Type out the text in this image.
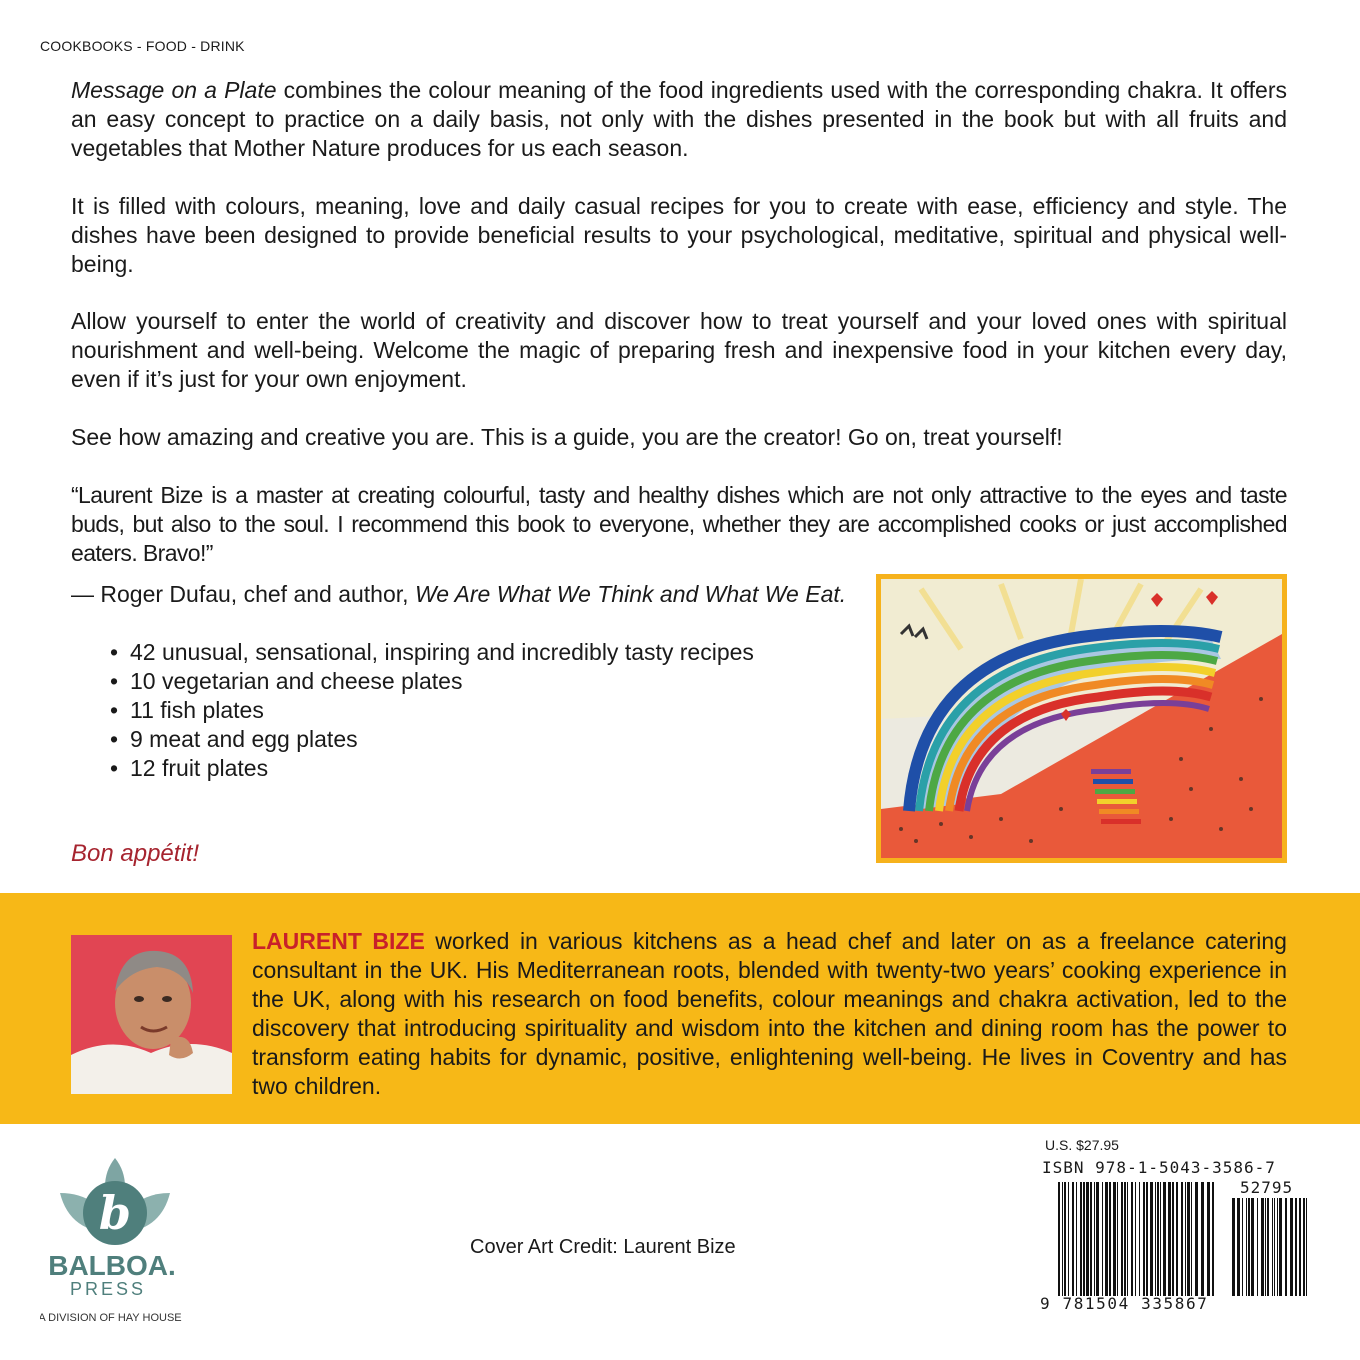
COOKBOOKS - FOOD - DRINK

Message on a Plate combines the colour meaning of the food ingredients used with the corresponding chakra. It offers an easy concept to practice on a daily basis, not only with the dishes presented in the book but with all fruits and vegetables that Mother Nature produces for us each season.

It is filled with colours, meaning, love and daily casual recipes for you to create with ease, efficiency and style. The dishes have been designed to provide beneficial results to your psychological, meditative, spiritual and physical well-being.

Allow yourself to enter the world of creativity and discover how to treat yourself and your loved ones with spiritual nourishment and well-being. Welcome the magic of preparing fresh and inexpensive food in your kitchen every day, even if it’s just for your own enjoyment.

See how amazing and creative you are. This is a guide, you are the creator! Go on, treat yourself!

“Laurent Bize is a master at creating colourful, tasty and healthy dishes which are not only attractive to the eyes and taste buds, but also to the soul. I recommend this book to everyone, whether they are accomplished cooks or just accomplished eaters. Bravo!”

— Roger Dufau, chef and author, We Are What We Think and What We Eat.
• 42 unusual, sensational, inspiring and incredibly tasty recipes
• 10 vegetarian and cheese plates
• 11 fish plates
• 9 meat and egg plates
• 12 fruit plates
Bon appétit!

LAURENT BIZE worked in various kitchens as a head chef and later on as a freelance catering consultant in the UK. His Mediterranean roots, blended with twenty-two years’ cooking experience in the UK, along with his research on food benefits, colour meanings and chakra activation, led to the discovery that introducing spirituality and wisdom into the kitchen and dining room has the power to transform eating habits for dynamic, positive, enlightening well-being. He lives in Coventry and has two children.

b
BALBOA.
PRESS
A DIVISION OF HAY HOUSE
Cover Art Credit: Laurent Bize
U.S. $27.95
ISBN 978-1-5043-3586-7
52795
9 781504 335867
